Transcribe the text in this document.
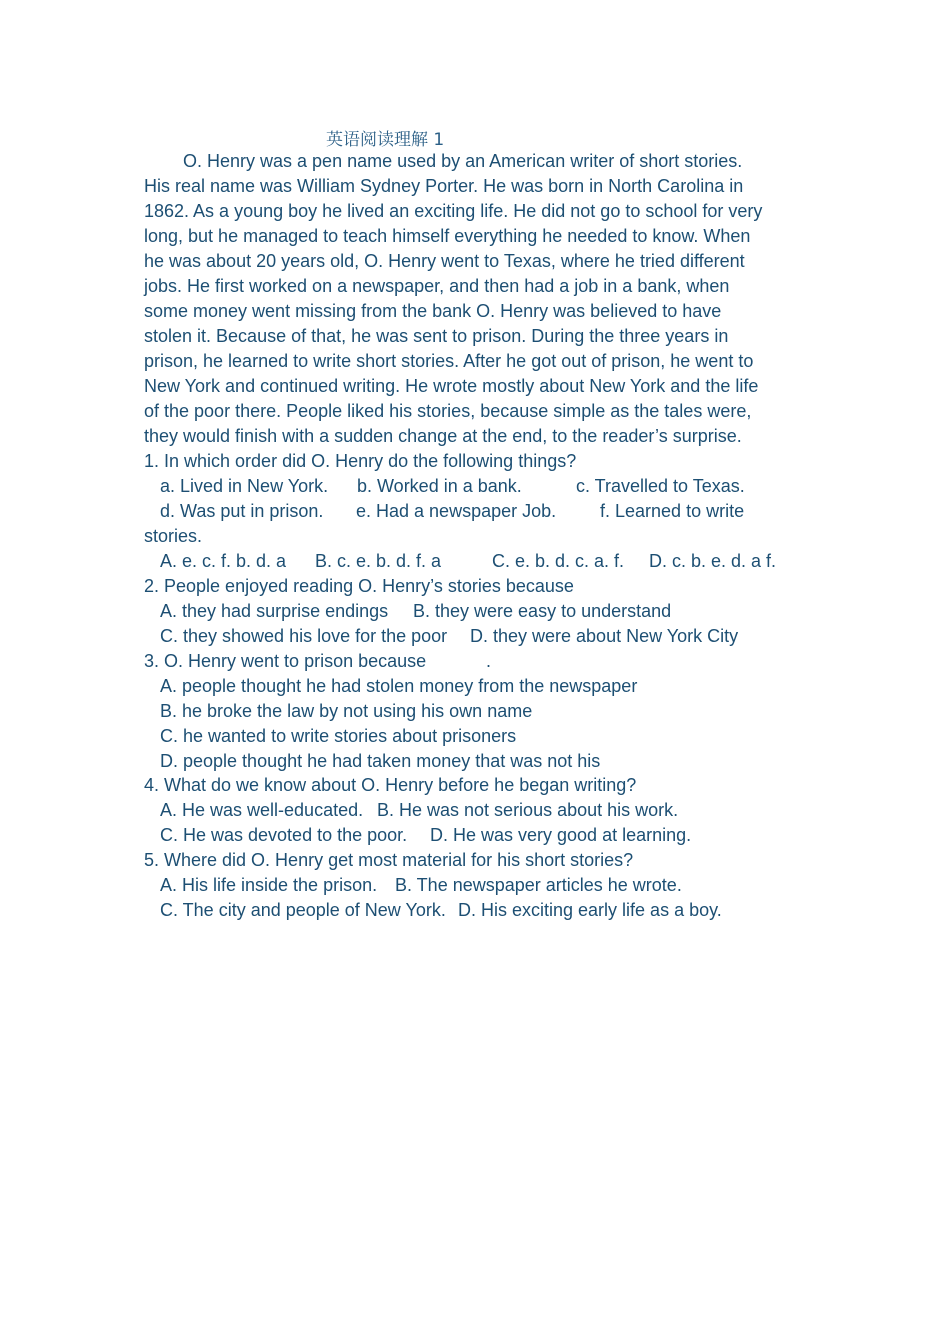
英语阅读理解 1
O. Henry was a pen name used by an American writer of short stories.
His real name was William Sydney Porter. He was born in North Carolina in
1862. As a young boy he lived an exciting life. He did not go to school for very
long, but he managed to teach himself everything he needed to know. When
he was about 20 years old, O. Henry went to Texas, where he tried different
jobs. He first worked on a newspaper, and then had a job in a bank, when
some money went missing from the bank O. Henry was believed to have
stolen it. Because of that, he was sent to prison. During the three years in
prison, he learned to write short stories. After he got out of prison, he went to
New York and continued writing. He wrote mostly about New York and the life
of the poor there. People liked his stories, because simple as the tales were,
they would finish with a sudden change at the end, to the reader’s surprise.
1. In which order did O. Henry do the following things?
a. Lived in New York. b. Worked in a bank.	c. Travelled to Texas.
d. Was put in prison. e. Had a newspaper Job. f. Learned to write
stories.
A. e. c. f. b. d. a B. c. e. b. d. f. a	C. e. b. d. c. a. f. D. c. b. e. d. a f.
2. People enjoyed reading O. Henry’s stories because
A. they had surprise endings B. they were easy to understand
C. they showed his love for the poor D. they were about New York City
3. O. Henry went to prison because	.
A. people thought he had stolen money from the newspaper
B. he broke the law by not using his own name
C. he wanted to write stories about prisoners
D. people thought he had taken money that was not his
4. What do we know about O. Henry before he began writing?
A. He was well-educated. B. He was not serious about his work.
C. He was devoted to the poor. D. He was very good at learning.
5. Where did O. Henry get most material for his short stories?
A. His life inside the prison. B. The newspaper articles he wrote.
C. The city and people of New York. D. His exciting early life as a boy.
